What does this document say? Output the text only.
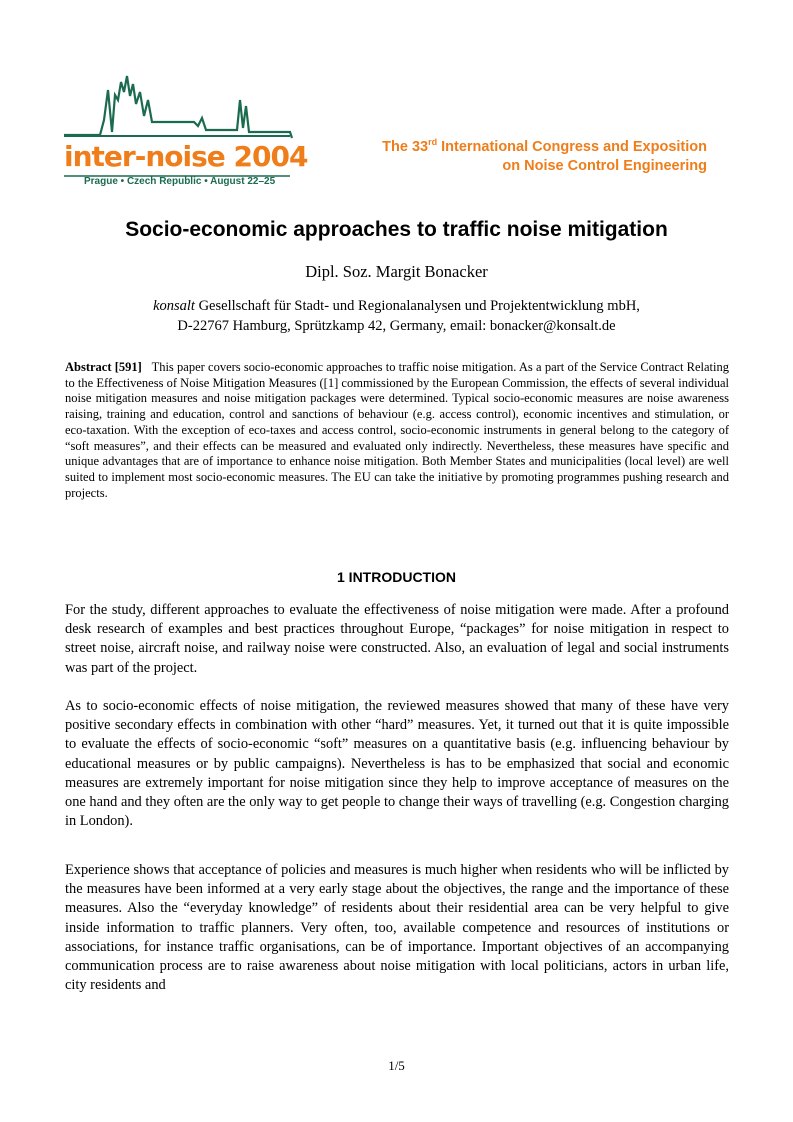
inter-noise 2004
Prague • Czech Republic • August 22–25
The 33rd International Congress and Exposition
on Noise Control Engineering
Socio-economic approaches to traffic noise mitigation
Dipl. Soz. Margit Bonacker
konsalt Gesellschaft für Stadt- und Regionalanalysen und Projektentwicklung mbH,
D-22767 Hamburg, Sprützkamp 42, Germany, email: bonacker@konsalt.de
Abstract [591] This paper covers socio-economic approaches to traffic noise mitigation. As a part of the Service Contract Relating to the Effectiveness of Noise Mitigation Measures ([1] commissioned by the European Commission, the effects of several individual noise mitigation measures and noise mitigation packages were determined. Typical socio-economic measures are noise awareness raising, training and education, control and sanctions of behaviour (e.g. access control), economic incentives and stimulation, or eco-taxation. With the exception of eco-taxes and access control, socio-economic instruments in general belong to the category of “soft measures”, and their effects can be measured and evaluated only indirectly. Nevertheless, these measures have specific and unique advantages that are of importance to enhance noise mitigation. Both Member States and municipalities (local level) are well suited to implement most socio-economic measures. The EU can take the initiative by promoting programmes pushing research and projects.
1 INTRODUCTION

For the study, different approaches to evaluate the effectiveness of noise mitigation were made. After a profound desk research of examples and best practices throughout Europe, “packages” for noise mitigation in respect to street noise, aircraft noise, and railway noise were constructed. Also, an evaluation of legal and social instruments was part of the project.

As to socio-economic effects of noise mitigation, the reviewed measures showed that many of these have very positive secondary effects in combination with other “hard” measures. Yet, it turned out that it is quite impossible to evaluate the effects of socio-economic “soft” measures on a quantitative basis (e.g. influencing behaviour by educational measures or by public campaigns). Nevertheless is has to be emphasized that social and economic measures are extremely important for noise mitigation since they help to improve acceptance of measures on the one hand and they often are the only way to get people to change their ways of travelling (e.g. Congestion charging in London).

Experience shows that acceptance of policies and measures is much higher when residents who will be inflicted by the measures have been informed at a very early stage about the objectives, the range and the importance of these measures. Also the “everyday knowledge” of residents about their residential area can be very helpful to give inside information to traffic planners. Very often, too, available competence and resources of institutions or associations, for instance traffic organisations, can be of importance. Important objectives of an accompanying communication process are to raise awareness about noise mitigation with local politicians, actors in urban life, city residents and

1/5
